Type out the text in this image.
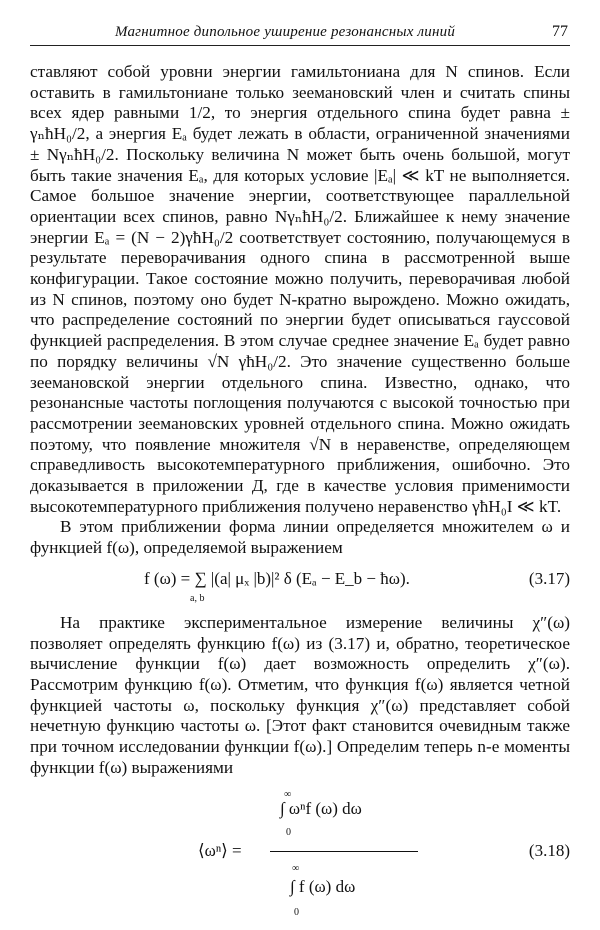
Магнитное дипольное уширение резонансных линий	77

ставляют собой уровни энергии гамильтониана для N спинов. Если оставить в гамильтониане только зеемановский член и считать спины всех ядер равными 1/2, то энергия отдельного спина будет равна ± γₙħH₀/2, а энергия Eₐ будет лежать в области, ограниченной значениями ± Nγₙ​ħH₀/2. Поскольку величина N может быть очень большой, могут быть такие значения Eₐ, для которых условие |Eₐ| ≪ kT не выполняется. Самое большое значение энергии, соответствующее параллельной ориентации всех спинов, равно Nγₙ​ħH₀/2. Ближайшее к нему значение энергии Eₐ = (N − 2)γħH₀/2 соответствует состоянию, получающемуся в результате переворачивания одного спина в рассмотренной выше конфигурации. Такое состояние можно получить, переворачивая любой из N спинов, поэтому оно будет N-кратно вырождено. Можно ожидать, что распределение состояний по энергии будет описываться гауссовой функцией распределения. В этом случае среднее значение Eₐ будет равно по порядку величины √N γħH₀/2. Это значение существенно больше зеемановской энергии отдельного спина. Известно, однако, что резонансные частоты поглощения получаются с высокой точностью при рассмотрении зеемановских уровней отдельного спина. Можно ожидать поэтому, что появление множителя √N в неравенстве, определяющем справедливость высокотемпературного приближения, ошибочно. Это доказывается в приложении Д, где в качестве условия применимости высокотемпературного приближения получено неравенство γħH₀I ≪ kT.

В этом приближении форма линии определяется множителем ω и функцией f(ω), определяемой выражением

f (ω) = ∑ |(a| μₓ |b)|² δ (Eₐ − E_b − ħω).
a, b
(3.17)

На практике экспериментальное измерение величины χ″(ω) позволяет определять функцию f(ω) из (3.17) и, обратно, теоретическое вычисление функции f(ω) дает возможность определить χ″(ω). Рассмотрим функцию f(ω). Отметим, что функция f(ω) является четной функцией частоты ω, поскольку функция χ″(ω) представляет собой нечетную функцию частоты ω. [Этот факт становится очевидным также при точном исследовании функции f(ω).] Определим теперь n-е моменты функции f(ω) выражениями

⟨ωⁿ⟩ =
∫ ωⁿf (ω) dω
∞
0
∞
∫ f (ω) dω
0
(3.18)
